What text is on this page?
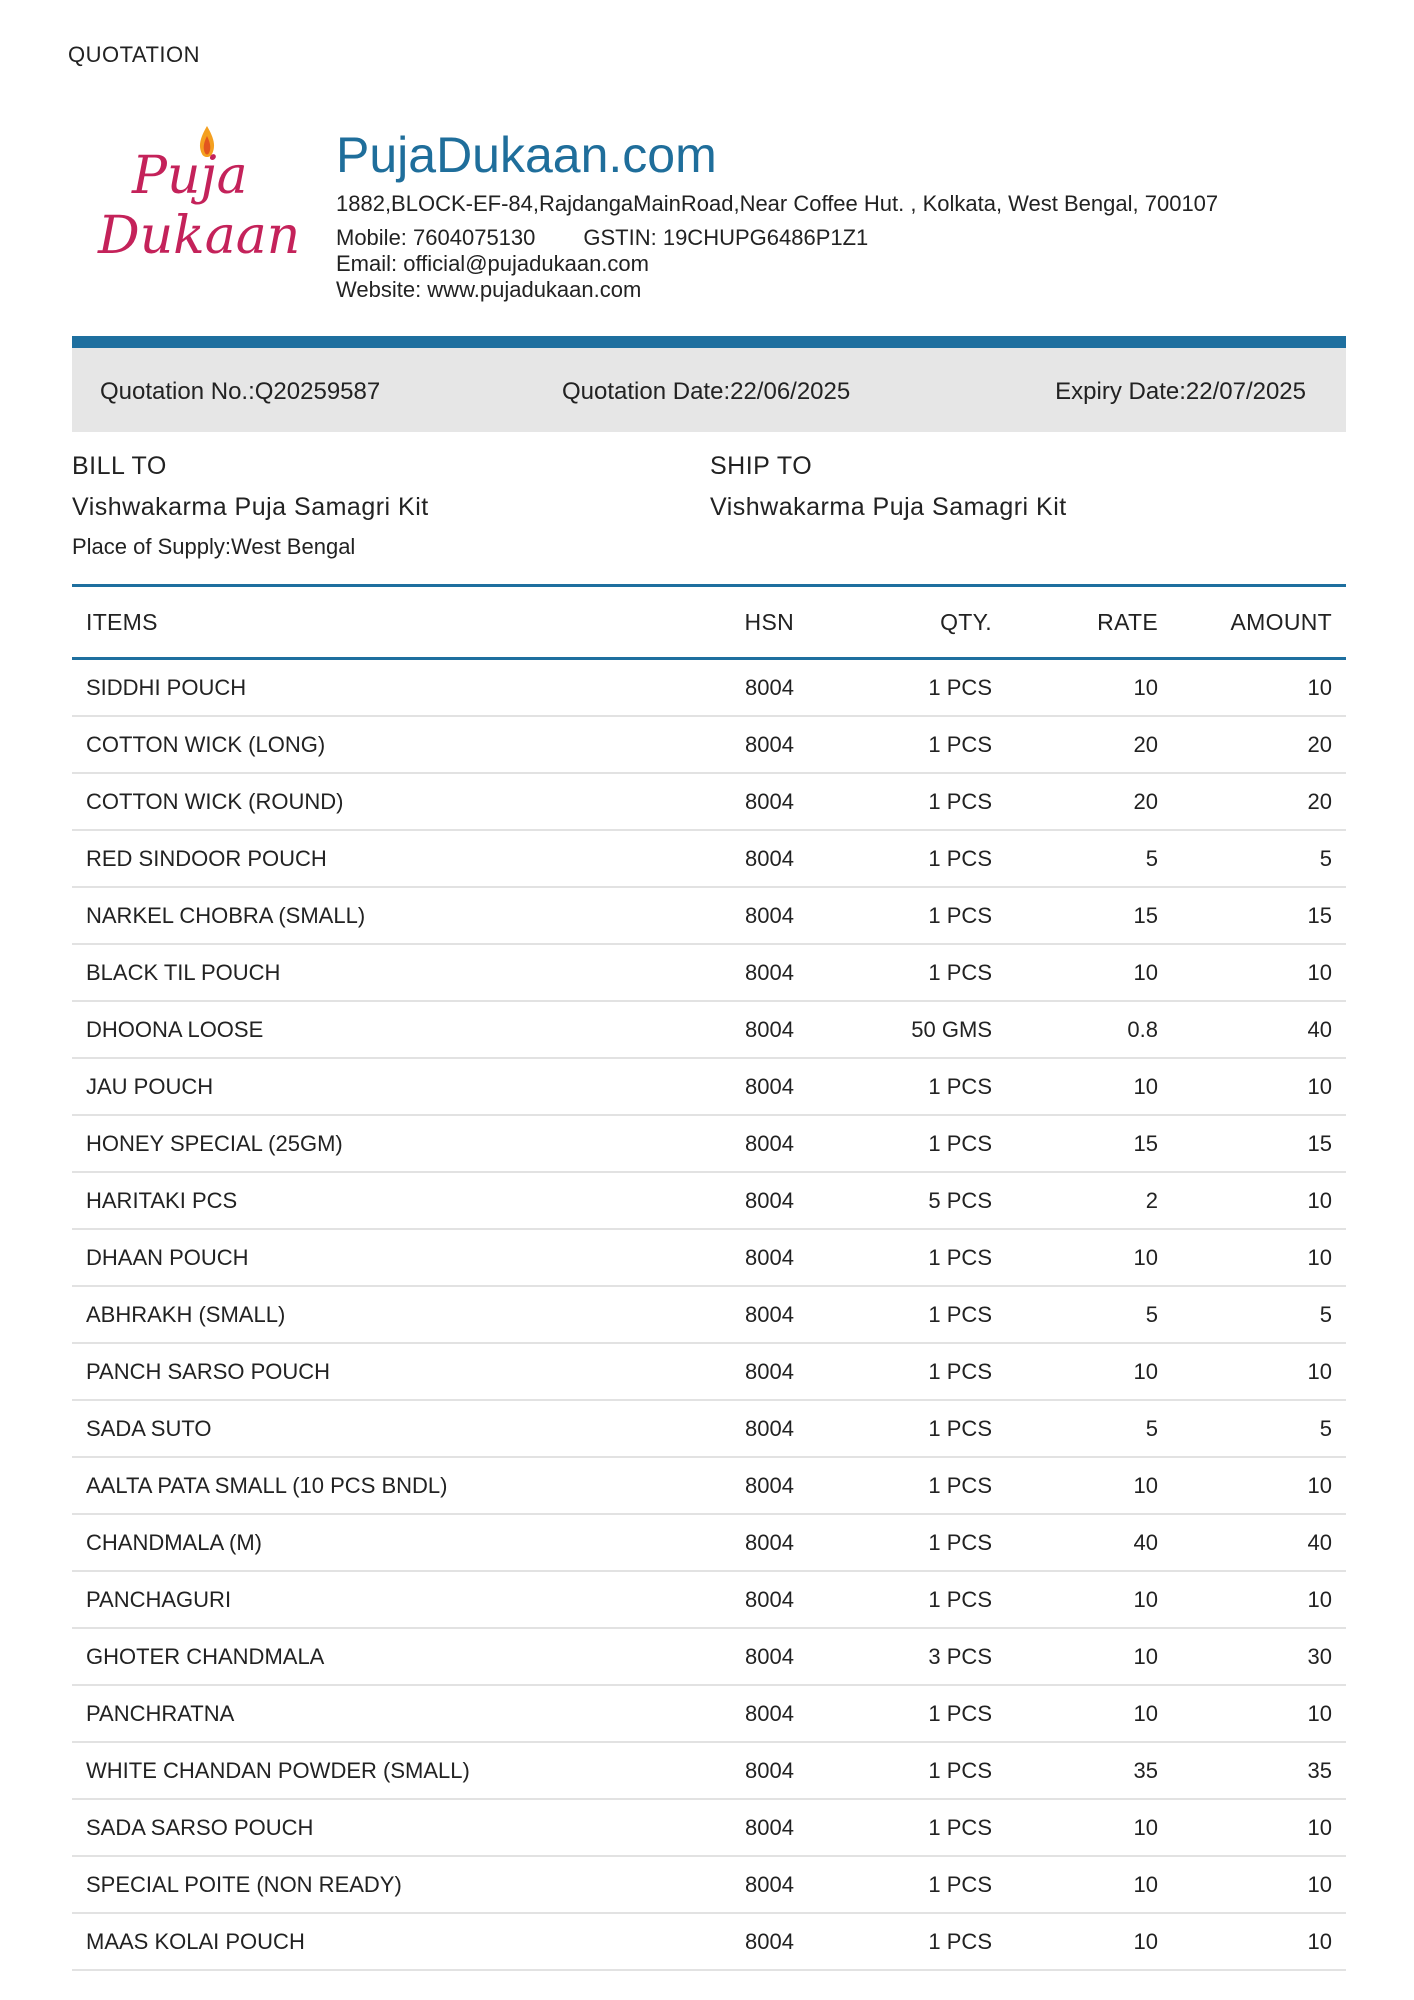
QUOTATION
Puja
Dukaan
PujaDukaan.com
1882,BLOCK-EF-84,RajdangaMainRoad,Near Coffee Hut. , Kolkata, West Bengal, 700107
Mobile: 7604075130 GSTIN: 19CHUPG6486P1Z1
Email: official@pujadukaan.com
Website: www.pujadukaan.com
Quotation No.:Q20259587	Quotation Date:22/06/2025	Expiry Date:22/07/2025
BILL TO
Vishwakarma Puja Samagri Kit
Place of Supply:West Bengal
SHIP TO
Vishwakarma Puja Samagri Kit
ITEMS	HSN	QTY.	RATE	AMOUNT
SIDDHI POUCH	8004	1 PCS	10	10
COTTON WICK (LONG)	8004	1 PCS	20	20
COTTON WICK (ROUND)	8004	1 PCS	20	20
RED SINDOOR POUCH	8004	1 PCS	5	5
NARKEL CHOBRA (SMALL)	8004	1 PCS	15	15
BLACK TIL POUCH	8004	1 PCS	10	10
DHOONA LOOSE	8004	50 GMS	0.8	40
JAU POUCH	8004	1 PCS	10	10
HONEY SPECIAL (25GM)	8004	1 PCS	15	15
HARITAKI PCS	8004	5 PCS	2	10
DHAAN POUCH	8004	1 PCS	10	10
ABHRAKH (SMALL)	8004	1 PCS	5	5
PANCH SARSO POUCH	8004	1 PCS	10	10
SADA SUTO	8004	1 PCS	5	5
AALTA PATA SMALL (10 PCS BNDL)	8004	1 PCS	10	10
CHANDMALA (M)	8004	1 PCS	40	40
PANCHAGURI	8004	1 PCS	10	10
GHOTER CHANDMALA	8004	3 PCS	10	30
PANCHRATNA	8004	1 PCS	10	10
WHITE CHANDAN POWDER (SMALL)	8004	1 PCS	35	35
SADA SARSO POUCH	8004	1 PCS	10	10
SPECIAL POITE (NON READY)	8004	1 PCS	10	10
MAAS KOLAI POUCH	8004	1 PCS	10	10
